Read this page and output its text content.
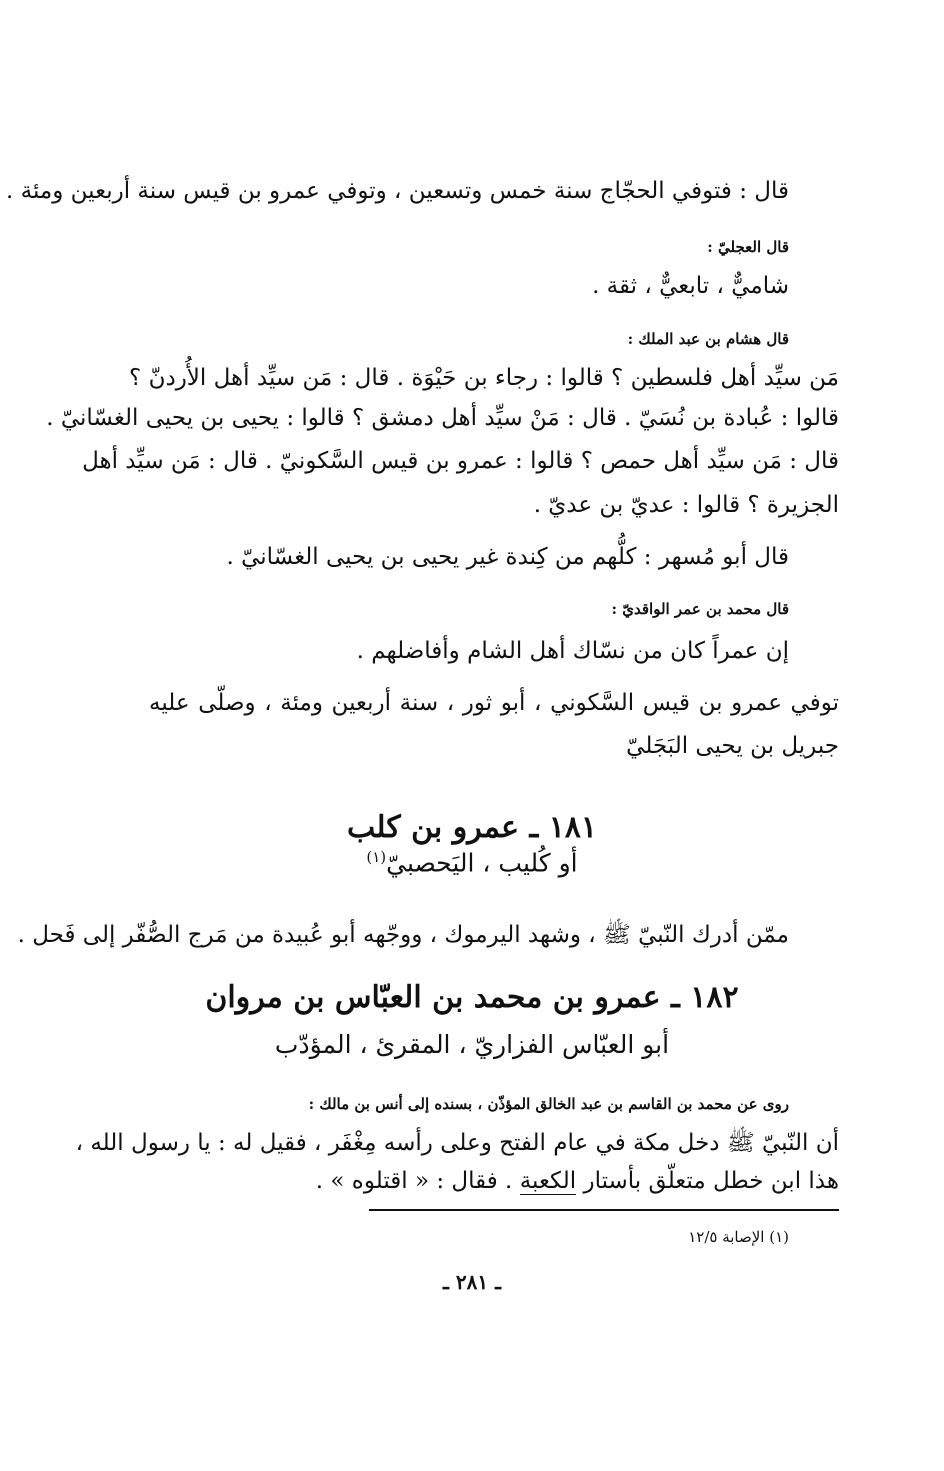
قال : فتوفي الحجّاج سنة خمس وتسعين ، وتوفي عمرو بن قيس سنة أربعين ومئة .
قال العجليّ :
شاميٌّ ، تابعيٌّ ، ثقة .
قال هشام بن عبد الملك :
مَن سيِّد أهل فلسطين ؟ قالوا : رجاء بن حَيْوَة . قال : مَن سيِّد أهل الأُردنّ ؟
قالوا : عُبادة بن نُسَيّ . قال : مَنْ سيِّد أهل دمشق ؟ قالوا : يحيى بن يحيى الغسّانيّ .
قال : مَن سيِّد أهل حمص ؟ قالوا : عمرو بن قيس السَّكونيّ . قال : مَن سيِّد أهل
الجزيرة ؟ قالوا : عديّ بن عديّ .
قال أبو مُسهر : كلُّهم من كِندة غير يحيى بن يحيى الغسّانيّ .
قال محمد بن عمر الواقديّ :
إن عمراً كان من نسّاك أهل الشام وأفاضلهم .
توفي عمرو بن قيس السَّكوني ، أبو ثور ، سنة أربعين ومئة ، وصلّى عليه
جبريل بن يحيى البَجَليّ
١٨١ ـ عمرو بن كلب
أو كُليب ، اليَحصبيّ$^{(١)}$
ممّن أدرك النّبيّ ﷺ ، وشهد اليرموك ، ووجّهه أبو عُبيدة من مَرج الصُّفّر إلى فَحل .
١٨٢ ـ عمرو بن محمد بن العبّاس بن مروان
أبو العبّاس الفزاريّ ، المقرئ ، المؤدّب
روى عن محمد بن القاسم بن عبد الخالق المؤذّن ، بسنده إلى أنس بن مالك :
أن النّبيّ ﷺ دخل مكة في عام الفتح وعلى رأسه مِغْفَر ، فقيل له : يا رسول الله ،
هذا ابن خطل متعلّق بأستار الكعبة . فقال : « اقتلوه » .
(١) الإصابة ١٢/٥
ـ ٢٨١ ـ
